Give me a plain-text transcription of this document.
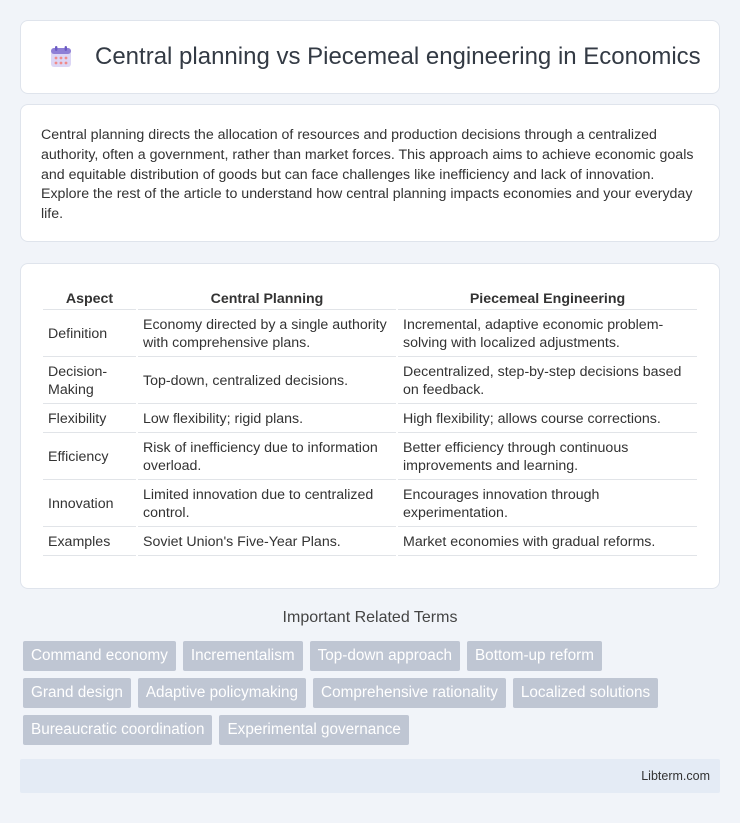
Central planning vs Piecemeal engineering in Economics

Central planning directs the allocation of resources and production decisions through a centralized authority, often a government, rather than market forces. This approach aims to achieve economic goals and equitable distribution of goods but can face challenges like inefficiency and lack of innovation. Explore the rest of the article to understand how central planning impacts economies and your everyday life.

Aspect	Central Planning	Piecemeal Engineering
Definition	Economy directed by a single authority with comprehensive plans.	Incremental, adaptive economic problem-solving with localized adjustments.
Decision-Making	Top-down, centralized decisions.	Decentralized, step-by-step decisions based on feedback.
Flexibility	Low flexibility; rigid plans.	High flexibility; allows course corrections.
Efficiency	Risk of inefficiency due to information overload.	Better efficiency through continuous improvements and learning.
Innovation	Limited innovation due to centralized control.	Encourages innovation through experimentation.
Examples	Soviet Union's Five-Year Plans.	Market economies with gradual reforms.
Important Related Terms
Command economy	Incrementalism	Top-down approach	Bottom-up reform
Grand design	Adaptive policymaking	Comprehensive rationality	Localized solutions
Bureaucratic coordination	Experimental governance
Libterm.com
